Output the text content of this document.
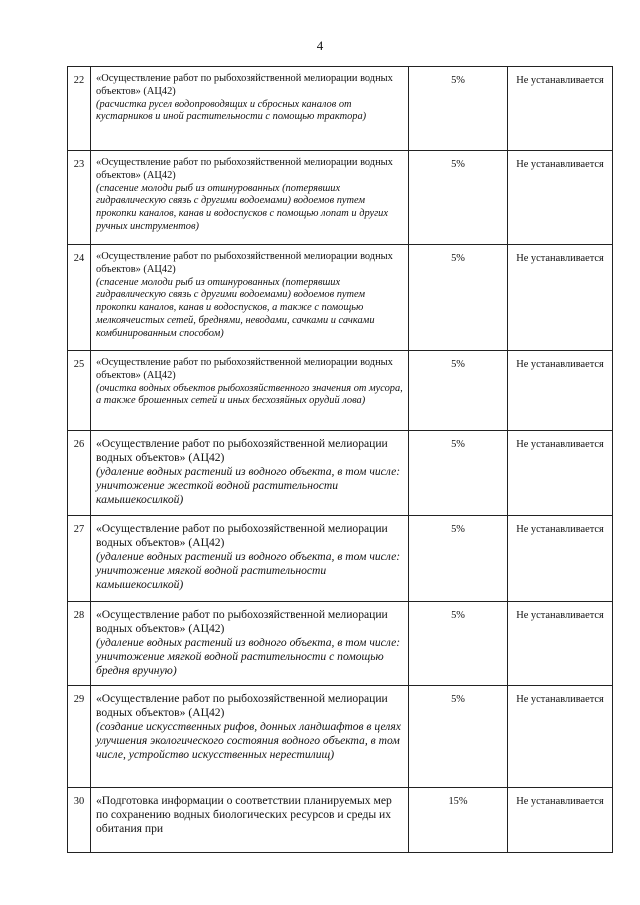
4
22	«Осуществление работ по рыбохозяйственной мелиорации водных объектов» (АЦ42)
(расчистка русел водопроводящих и сбросных каналов от кустарников и иной растительности с помощью трактора)	5%	Не устанавливается
23	«Осуществление работ по рыбохозяйственной мелиорации водных объектов» (АЦ42)
(спасение молоди рыб из отшнурованных (потерявших гидравлическую связь с другими водоемами) водоемов путем прокопки каналов, канав и водоспусков с помощью лопат и других ручных инструментов)	5%	Не устанавливается
24	«Осуществление работ по рыбохозяйственной мелиорации водных объектов» (АЦ42)
(спасение молоди рыб из отшнурованных (потерявших гидравлическую связь с другими водоемами) водоемов путем прокопки каналов, канав и водоспусков, а также с помощью мелкоячеистых сетей, бреднями, неводами, сачками и сачками комбинированным способом)	5%	Не устанавливается
25	«Осуществление работ по рыбохозяйственной мелиорации водных объектов» (АЦ42)
(очистка водных объектов рыбохозяйственного значения от мусора, а также брошенных сетей и иных бесхозяйных орудий лова)	5%	Не устанавливается
26	«Осуществление работ по рыбохозяйственной мелиорации водных объектов» (АЦ42)
(удаление водных растений из водного объекта, в том числе: уничтожение жесткой водной растительности камышекосилкой)	5%	Не устанавливается
27	«Осуществление работ по рыбохозяйственной мелиорации водных объектов» (АЦ42)
(удаление водных растений из водного объекта, в том числе: уничтожение мягкой водной растительности камышекосилкой)	5%	Не устанавливается
28	«Осуществление работ по рыбохозяйственной мелиорации водных объектов» (АЦ42)
(удаление водных растений из водного объекта, в том числе: уничтожение мягкой водной растительности с помощью бредня вручную)	5%	Не устанавливается
29	«Осуществление работ по рыбохозяйственной мелиорации водных объектов» (АЦ42)
(создание искусственных рифов, донных ландшафтов в целях улучшения экологического состояния водного объекта, в том числе, устройство искусственных нерестилищ)	5%	Не устанавливается
30	«Подготовка информации о соответствии планируемых мер по сохранению водных биологических ресурсов и среды их обитания при	15%	Не устанавливается
